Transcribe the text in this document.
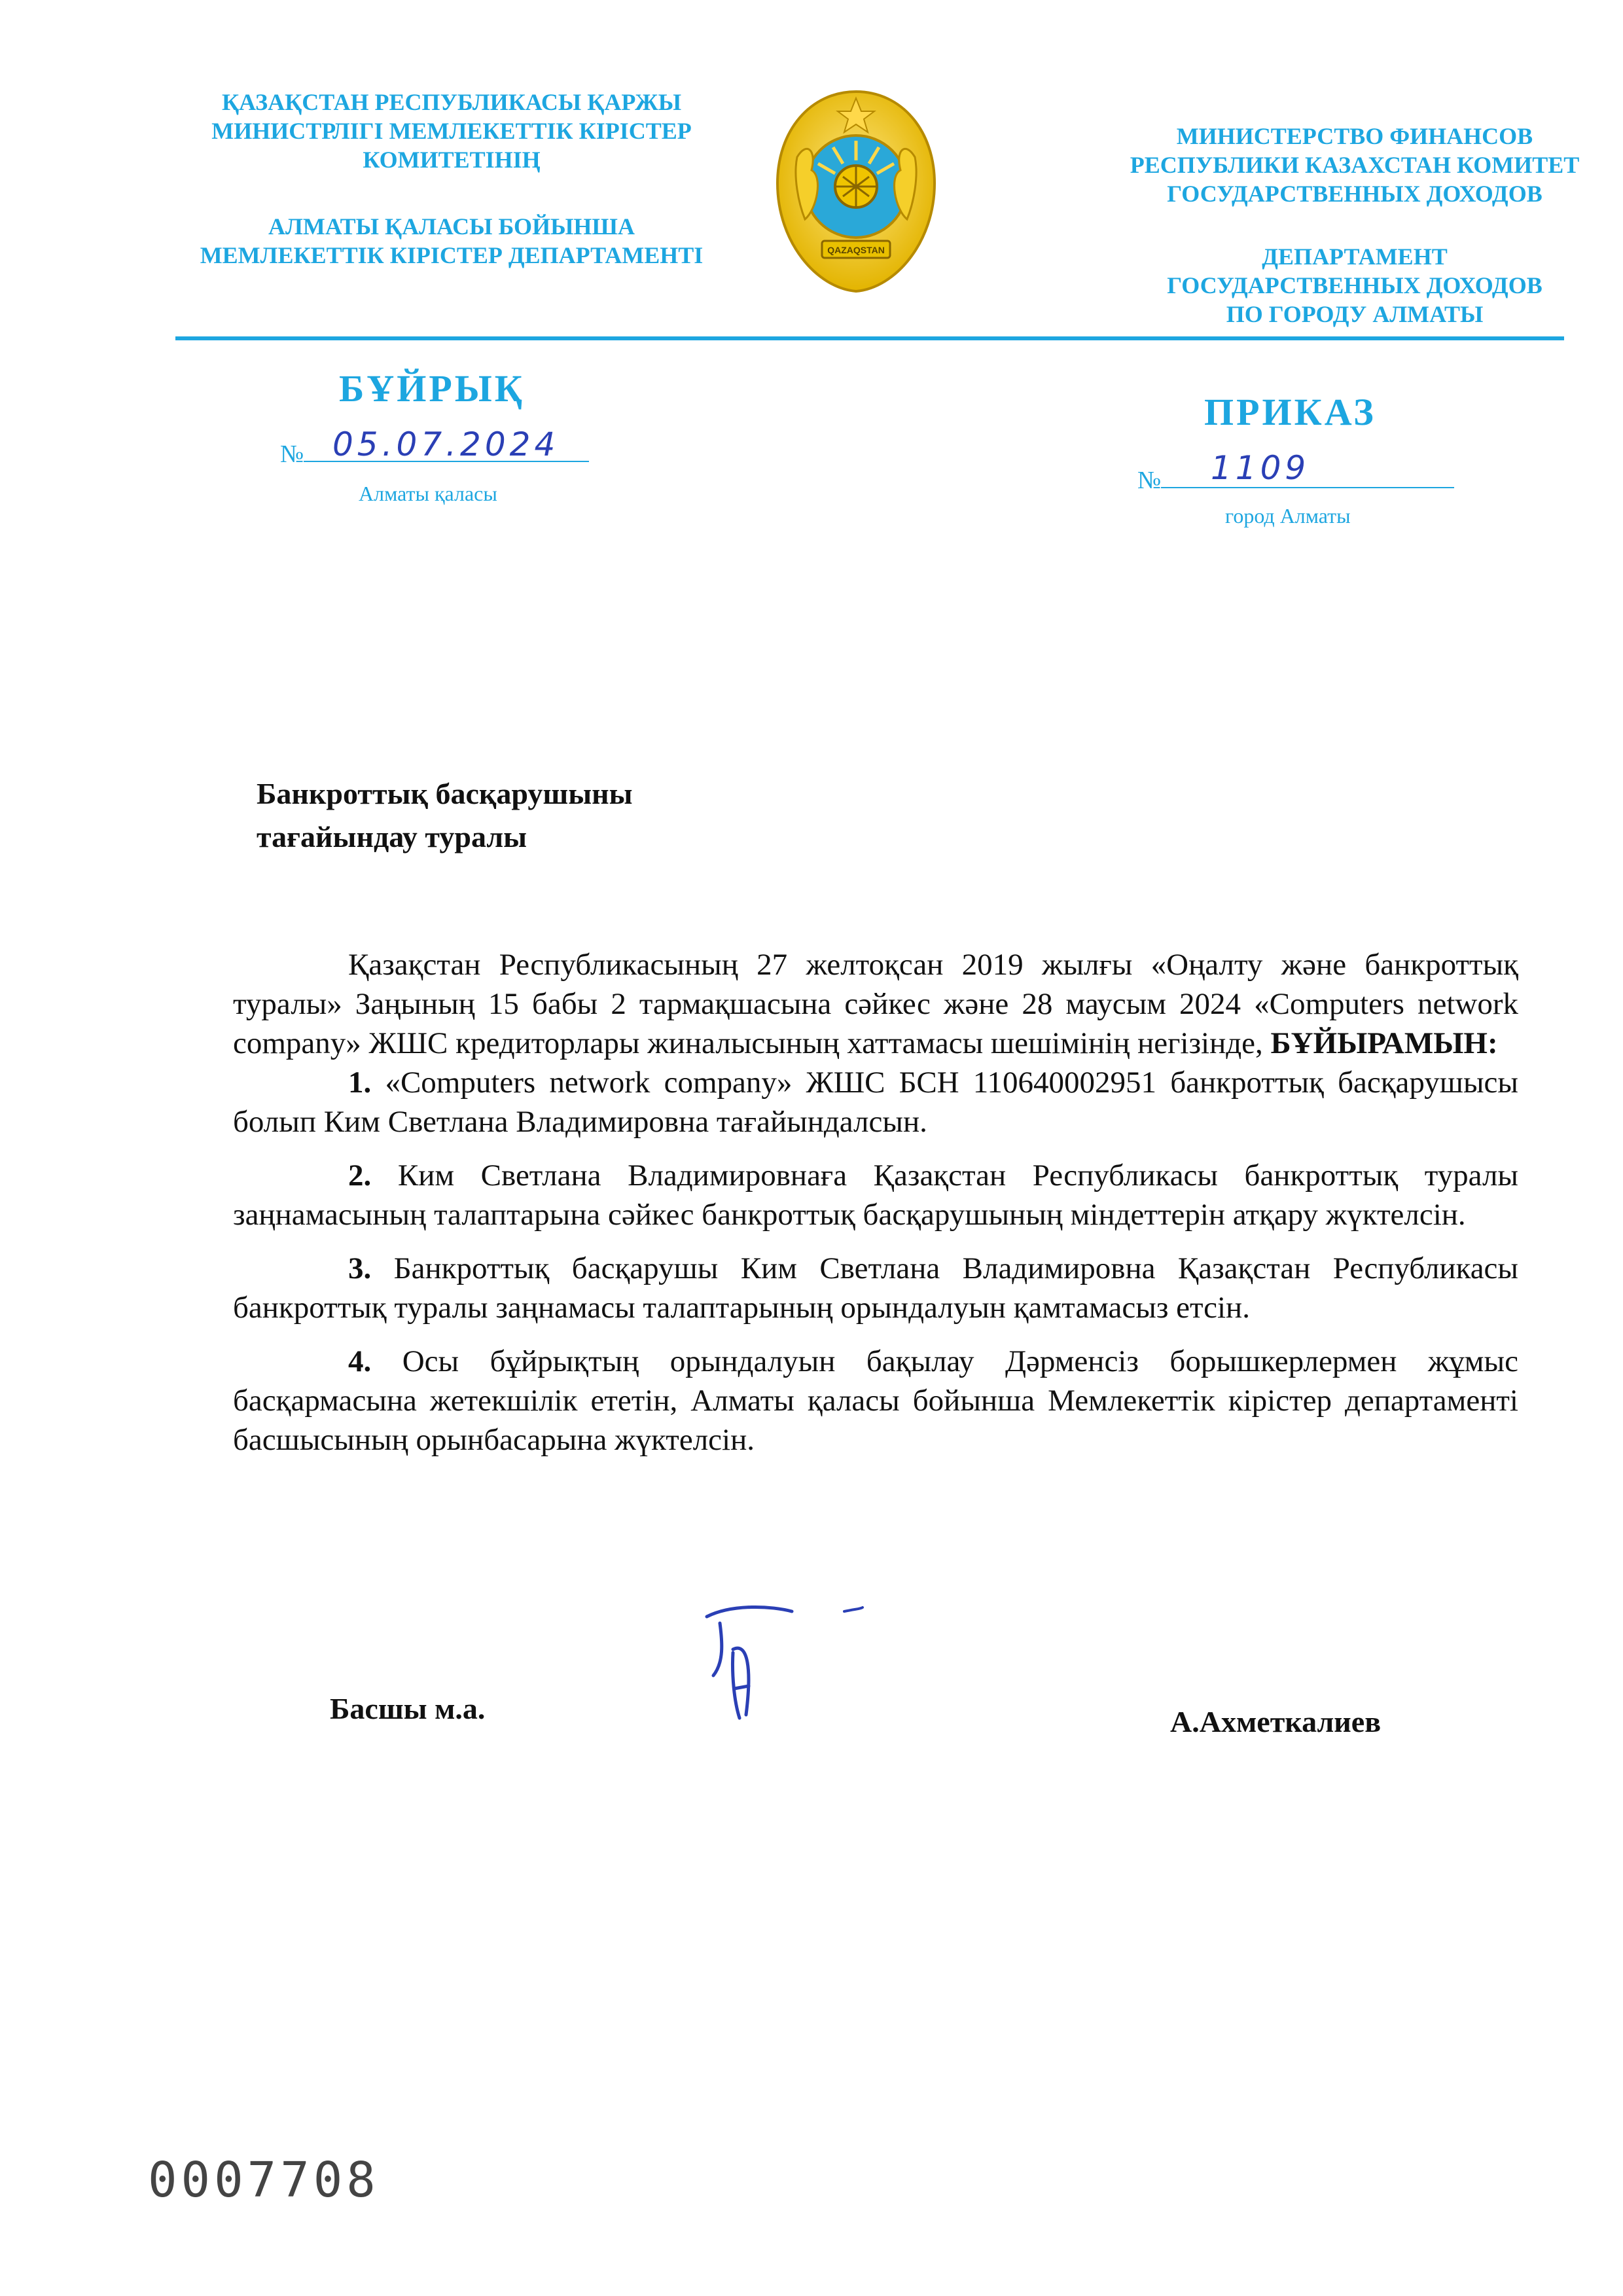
ҚАЗАҚСТАН РЕСПУБЛИКАСЫ ҚАРЖЫ

МИНИСТРЛІГІ МЕМЛЕКЕТТІК КІРІСТЕР

КОМИТЕТІНІҢ

АЛМАТЫ ҚАЛАСЫ БОЙЫНША

МЕМЛЕКЕТТІК КІРІСТЕР ДЕПАРТАМЕНТІ	QAZAQSTAN

МИНИСТЕРСТВО ФИНАНСОВ

РЕСПУБЛИКИ КАЗАХСТАН КОМИТЕТ

ГОСУДАРСТВЕННЫХ ДОХОДОВ

ДЕПАРТАМЕНТ

ГОСУДАРСТВЕННЫХ ДОХОДОВ

ПО ГОРОДУ АЛМАТЫ

БҰЙРЫҚ
№ 05.07.2024
Алматы қаласы
ПРИКАЗ
№	1109
город Алматы
Банкроттық басқарушыны
тағайындау туралы

Қазақстан Республикасының 27 желтоқсан 2019 жылғы «Оңалту және банкроттық туралы» Заңының 15 бабы 2 тармақшасына сәйкес және 28 маусым 2024 «Computers network company» ЖШС кредиторлары жиналысының хаттамасы шешімінің негізінде, БҰЙЫРАМЫН:

1. «Computers network company» ЖШС БСН 110640002951 банкроттық басқарушысы болып Ким Светлана Владимировна тағайындалсын.

2. Ким Светлана Владимировнаға Қазақстан Республикасы банкроттық туралы заңнамасының талаптарына сәйкес банкроттық басқарушының міндеттерін атқару жүктелсін.

3. Банкроттық басқарушы Ким Светлана Владимировна Қазақстан Республикасы банкроттық туралы заңнамасы талаптарының орындалуын қамтамасыз етсін.

4. Осы бұйрықтың орындалуын бақылау Дәрменсіз борышкерлермен жұмыс басқармасына жетекшілік ететін, Алматы қаласы бойынша Мемлекеттік кірістер департаменті басшысының орынбасарына жүктелсін.

Басшы м.а.	А.Ахметкалиев
0007708
